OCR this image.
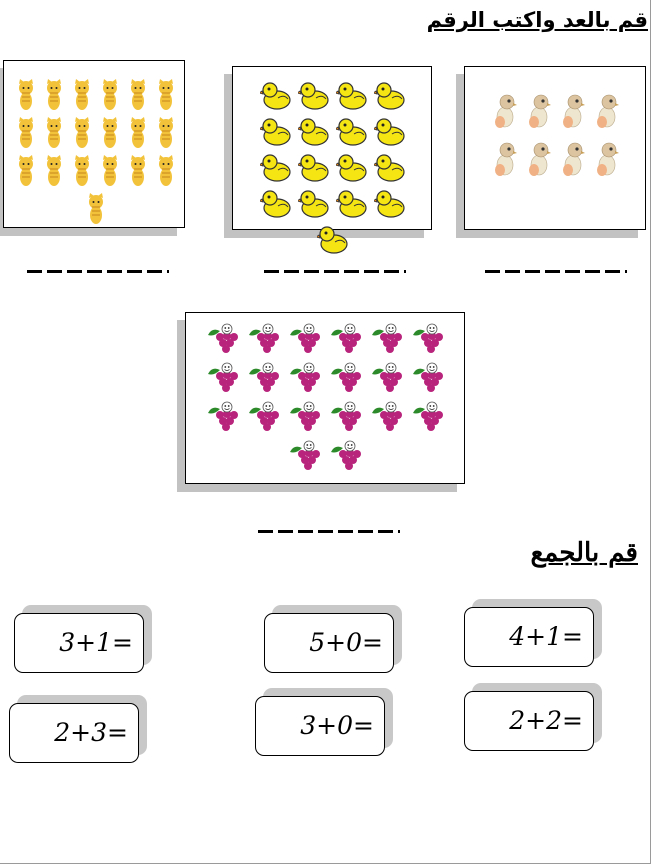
قم بالعد واكتب الرقم
قم بالجمع
3+1=	5+0=	4+1=
2+3=	3+0=	2+2=
